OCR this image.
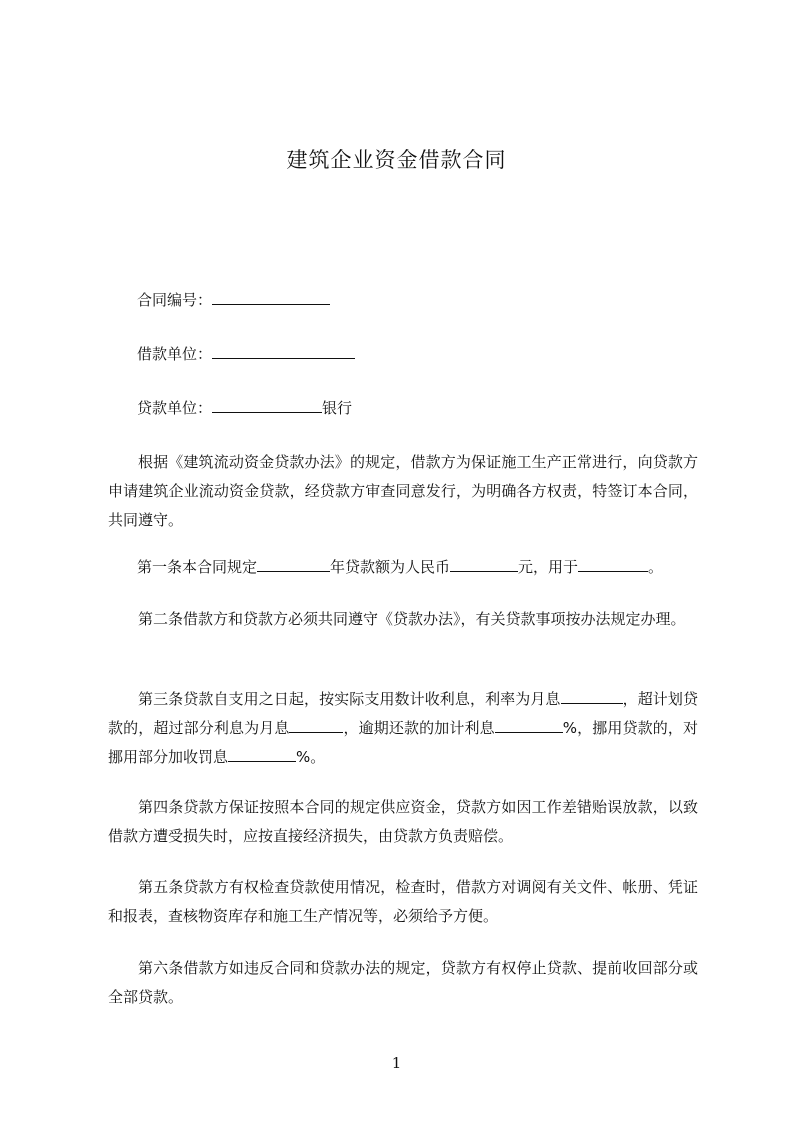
建筑企业资金借款合同
合同编号：
借款单位：
贷款单位：	银行

根据《建筑流动资金贷款办法》的规定，借款方为保证施工生产正常进行，向贷款方申请建筑企业流动资金贷款，经贷款方审查同意发行，为明确各方权责，特签订本合同，共同遵守。

第一条本合同规定	年贷款额为人民币	元，用于	。

第二条借款方和贷款方必须共同遵守《贷款办法》，有关贷款事项按办法规定办理。

第三条贷款自支用之日起，按实际支用数计收利息，利率为月息	，超计划贷款的，超过部分利息为月息	，逾期还款的加计利息	%，挪用贷款的，对挪用部分加收罚息	%。

第四条贷款方保证按照本合同的规定供应资金，贷款方如因工作差错贻误放款，以致借款方遭受损失时，应按直接经济损失，由贷款方负责赔偿。

第五条贷款方有权检查贷款使用情况，检查时，借款方对调阅有关文件、帐册、凭证和报表，查核物资库存和施工生产情况等，必须给予方便。

第六条借款方如违反合同和贷款办法的规定，贷款方有权停止贷款、提前收回部分或全部贷款。

1
